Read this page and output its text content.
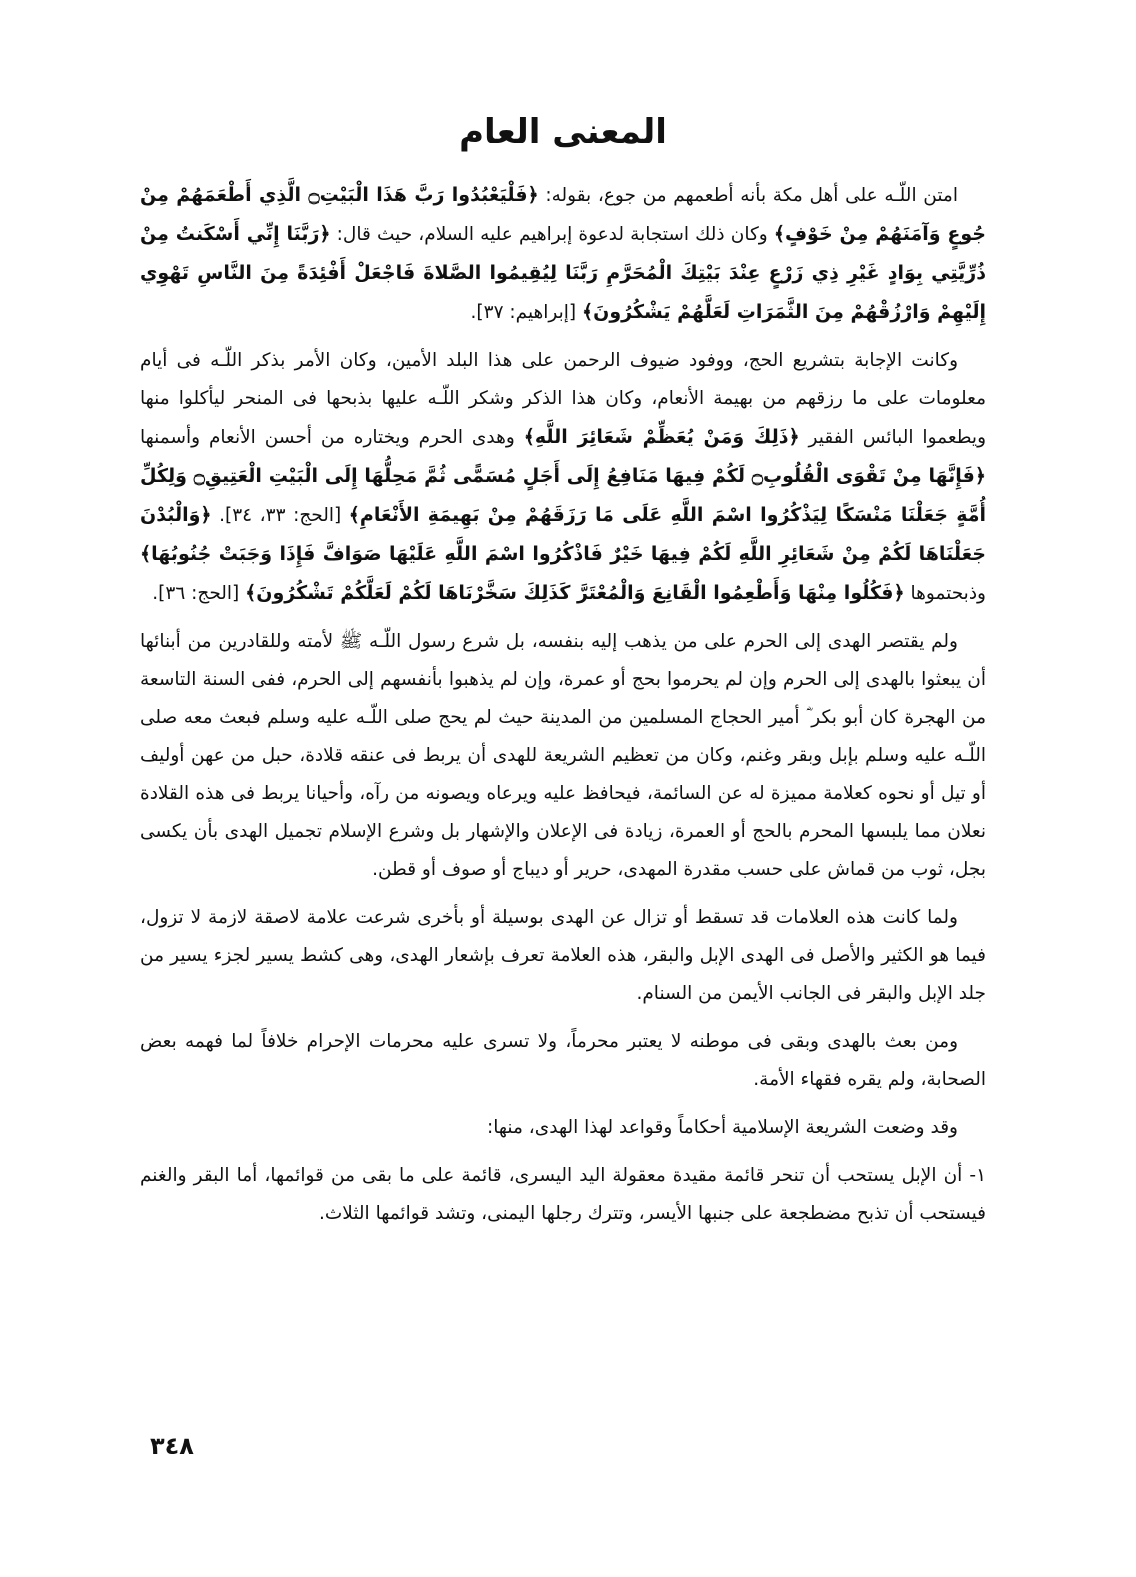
المعنى العام

امتن اللّـه على أهل مكة بأنه أطعمهم من جوع، بقوله: ﴿فَلْيَعْبُدُوا رَبَّ هَذَا الْبَيْتِ۝ الَّذِي أَطْعَمَهُمْ مِنْ جُوعٍ وَآمَنَهُمْ مِنْ خَوْفٍ﴾ وكان ذلك استجابة لدعوة إبراهيم عليه السلام، حيث قال: ﴿رَبَّنَا إِنِّي أَسْكَنتُ مِنْ ذُرِّيَّتِي بِوَادٍ غَيْرِ ذِي زَرْعٍ عِنْدَ بَيْتِكَ الْمُحَرَّمِ رَبَّنَا لِيُقِيمُوا الصَّلاةَ فَاجْعَلْ أَفْئِدَةً مِنَ النَّاسِ تَهْوِي إِلَيْهِمْ وَارْزُقْهُمْ مِنَ الثَّمَرَاتِ لَعَلَّهُمْ يَشْكُرُونَ﴾ [إبراهيم: ٣٧].

وكانت الإجابة بتشريع الحج، ووفود ضيوف الرحمن على هذا البلد الأمين، وكان الأمر بذكر اللّـه فى أيام معلومات على ما رزقهم من بهيمة الأنعام، وكان هذا الذكر وشكر اللّـه عليها بذبحها فى المنحر ليأكلوا منها ويطعموا البائس الفقير ﴿ذَلِكَ وَمَنْ يُعَظِّمْ شَعَائِرَ اللَّهِ﴾ وهدى الحرم ويختاره من أحسن الأنعام وأسمنها ﴿فَإِنَّهَا مِنْ تَقْوَى الْقُلُوبِ۝ لَكُمْ فِيهَا مَنَافِعُ إِلَى أَجَلٍ مُسَمًّى ثُمَّ مَحِلُّهَا إِلَى الْبَيْتِ الْعَتِيقِ۝ وَلِكُلِّ أُمَّةٍ جَعَلْنَا مَنْسَكًا لِيَذْكُرُوا اسْمَ اللَّهِ عَلَى مَا رَزَقَهُمْ مِنْ بَهِيمَةِ الأَنْعَامِ﴾ [الحج: ٣٣، ٣٤]. ﴿وَالْبُدْنَ جَعَلْنَاهَا لَكُمْ مِنْ شَعَائِرِ اللَّهِ لَكُمْ فِيهَا خَيْرٌ فَاذْكُرُوا اسْمَ اللَّهِ عَلَيْهَا صَوَافَّ فَإِذَا وَجَبَتْ جُنُوبُهَا﴾ وذبحتموها ﴿فَكُلُوا مِنْهَا وَأَطْعِمُوا الْقَانِعَ وَالْمُعْتَرَّ كَذَلِكَ سَخَّرْنَاهَا لَكُمْ لَعَلَّكُمْ تَشْكُرُونَ﴾ [الحج: ٣٦].

ولم يقتصر الهدى إلى الحرم على من يذهب إليه بنفسه، بل شرع رسول اللّـه ﷺ لأمته وللقادرين من أبنائها أن يبعثوا بالهدى إلى الحرم وإن لم يحرموا بحج أو عمرة، وإن لم يذهبوا بأنفسهم إلى الحرم، ففى السنة التاسعة من الهجرة كان أبو بكر ؓ أمير الحجاج المسلمين من المدينة حيث لم يحج صلى اللّـه عليه وسلم فبعث معه صلى اللّـه عليه وسلم بإبل وبقر وغنم، وكان من تعظيم الشريعة للهدى أن يربط فى عنقه قلادة، حبل من عهن أوليف أو تيل أو نحوه كعلامة مميزة له عن السائمة، فيحافظ عليه ويرعاه ويصونه من رآه، وأحيانا يربط فى هذه القلادة نعلان مما يلبسها المحرم بالحج أو العمرة، زيادة فى الإعلان والإشهار بل وشرع الإسلام تجميل الهدى بأن يكسى بجل، ثوب من قماش على حسب مقدرة المهدى، حرير أو ديباج أو صوف أو قطن.

ولما كانت هذه العلامات قد تسقط أو تزال عن الهدى بوسيلة أو بأخرى شرعت علامة لاصقة لازمة لا تزول، فيما هو الكثير والأصل فى الهدى الإبل والبقر، هذه العلامة تعرف بإشعار الهدى، وهى كشط يسير لجزء يسير من جلد الإبل والبقر فى الجانب الأيمن من السنام.

ومن بعث بالهدى وبقى فى موطنه لا يعتبر محرماً، ولا تسرى عليه محرمات الإحرام خلافاً لما فهمه بعض الصحابة، ولم يقره فقهاء الأمة.

وقد وضعت الشريعة الإسلامية أحكاماً وقواعد لهذا الهدى، منها:

١- أن الإبل يستحب أن تنحر قائمة مقيدة معقولة اليد اليسرى، قائمة على ما بقى من قوائمها، أما البقر والغنم فيستحب أن تذبح مضطجعة على جنبها الأيسر، وتترك رجلها اليمنى، وتشد قوائمها الثلاث.

٣٤٨
